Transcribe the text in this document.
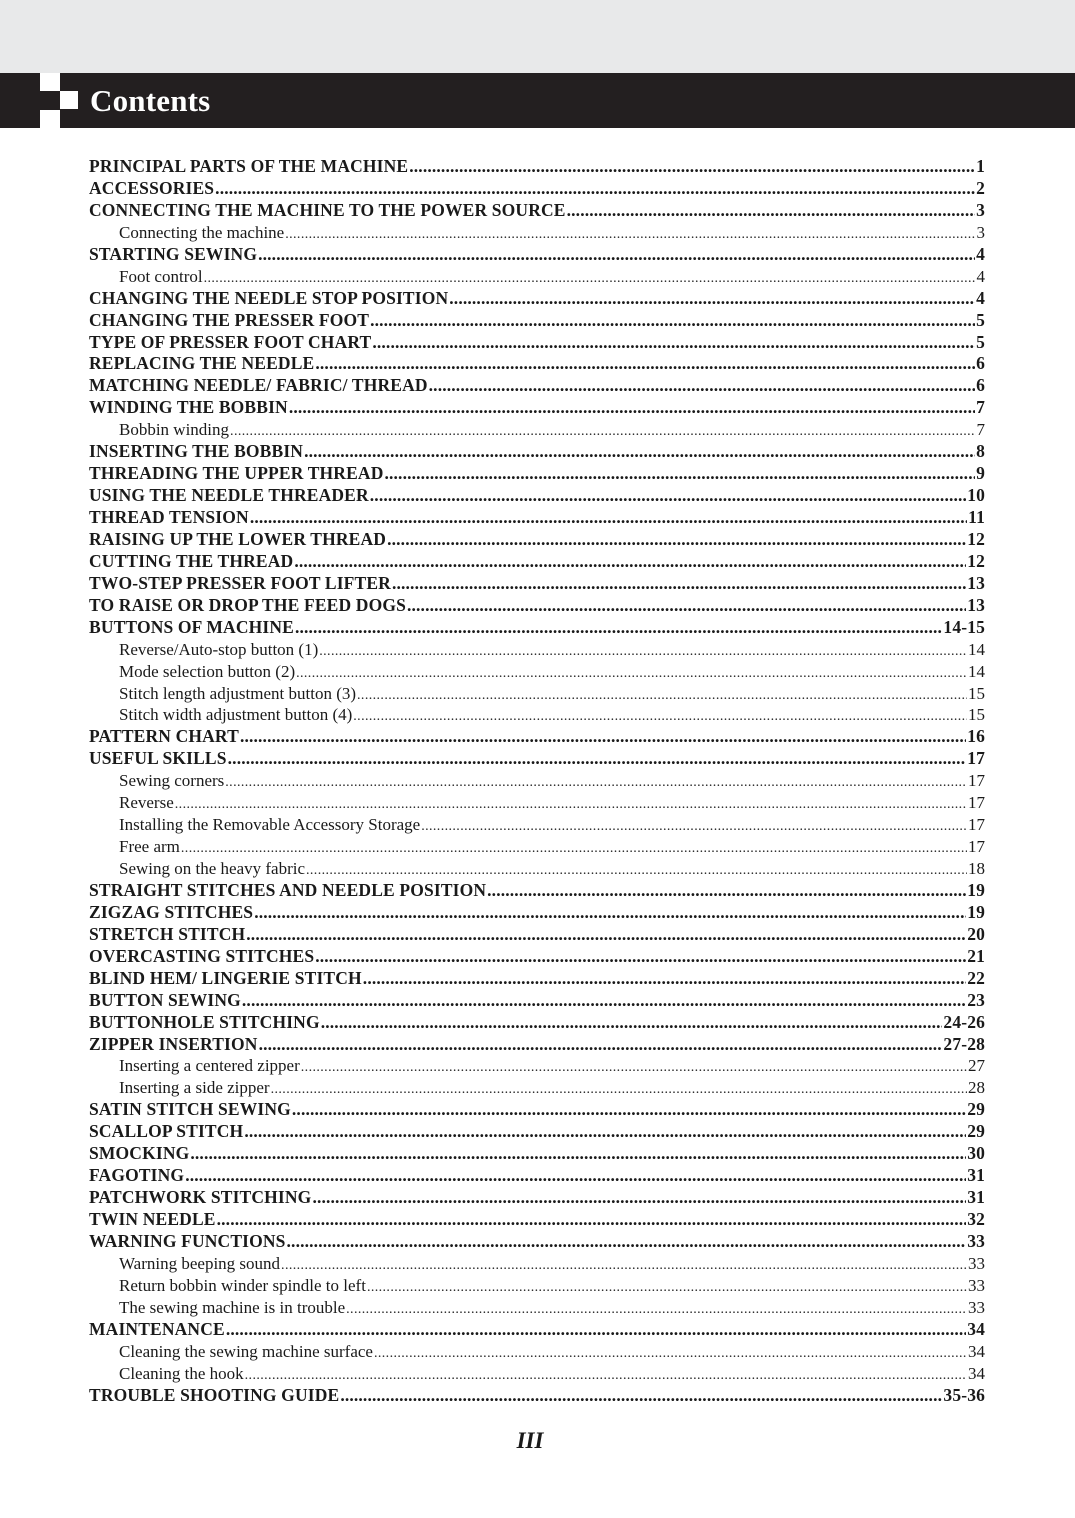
Contents
PRINCIPAL PARTS OF THE MACHINE .....	1
ACCESSORIES .....	2
CONNECTING THE MACHINE TO THE POWER SOURCE .....	3
Connecting the machine .....	3
STARTING SEWING .....	4
Foot control .....	4
CHANGING THE NEEDLE STOP POSITION .....	4
CHANGING THE PRESSER FOOT .....	5
TYPE OF PRESSER FOOT CHART .....	5
REPLACING THE NEEDLE .....	6
MATCHING NEEDLE/ FABRIC/ THREAD .....	6
WINDING THE BOBBIN .....	7
Bobbin winding .....	7
INSERTING THE BOBBIN .....	8
THREADING THE UPPER THREAD .....	9
USING THE NEEDLE THREADER .....	10
THREAD TENSION .....	11
RAISING UP THE LOWER THREAD .....	12
CUTTING THE THREAD .....	12
TWO-STEP PRESSER FOOT LIFTER .....	13
TO RAISE OR DROP THE FEED DOGS .....	13
BUTTONS OF MACHINE .....	14-15
Reverse/Auto-stop button (1) .....	14
Mode selection button (2) .....	14
Stitch length adjustment button (3) .....	15
Stitch width adjustment button (4) .....	15
PATTERN CHART .....	16
USEFUL SKILLS .....	17
Sewing corners .....	17
Reverse .....	17
Installing the Removable Accessory Storage .....	17
Free arm .....	17
Sewing on the heavy fabric .....	18
STRAIGHT STITCHES AND NEEDLE POSITION .....	19
ZIGZAG STITCHES .....	19
STRETCH STITCH .....	20
OVERCASTING STITCHES .....	21
BLIND HEM/ LINGERIE STITCH .....	22
BUTTON SEWING .....	23
BUTTONHOLE STITCHING .....	24-26
ZIPPER INSERTION .....	27-28
Inserting a centered zipper .....	27
Inserting a side zipper .....	28
SATIN STITCH SEWING .....	29
SCALLOP STITCH .....	29
SMOCKING .....	30
FAGOTING .....	31
PATCHWORK STITCHING .....	31
TWIN NEEDLE .....	32
WARNING FUNCTIONS .....	33
Warning beeping sound .....	33
Return bobbin winder spindle to left .....	33
The sewing machine is in trouble .....	33
MAINTENANCE .....	34
Cleaning the sewing machine surface .....	34
Cleaning the hook .....	34
TROUBLE SHOOTING GUIDE .....	35-36
III
